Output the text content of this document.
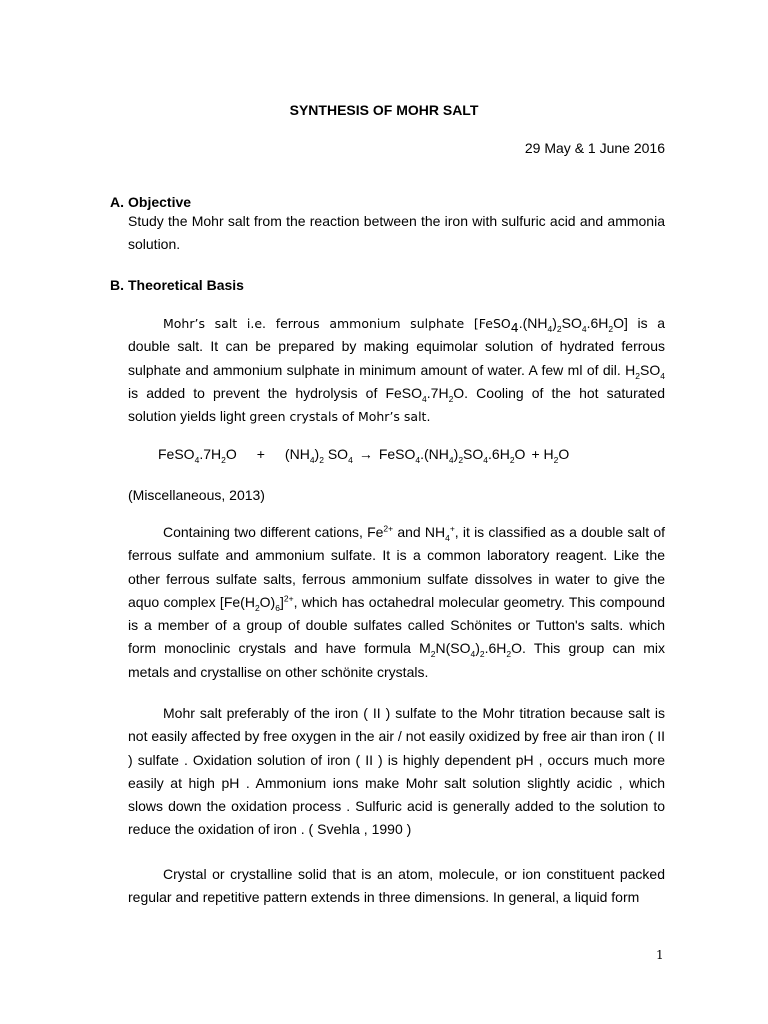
SYNTHESIS OF MOHR SALT
29 May & 1 June 2016
A. Objective
Study the Mohr salt from the reaction between the iron with sulfuric acid and ammonia solution.
B. Theoretical Basis
Mohr’s salt i.e. ferrous ammonium sulphate $[FeSO_4.(NH_4)_2SO_4.6H_2O]$ is a double salt. It can be prepared by making equimolar solution of hydrated ferrous sulphate and ammonium sulphate in minimum amount of water. A few ml of dil. $H_2SO_4$ is added to prevent the hydrolysis of $FeSO_4.7H_2O$. Cooling of the hot saturated solution yields light green crystals of Mohr’s salt.
$FeSO_4.7H_2O + (NH_4)_2$ $SO_4$ → $FeSO_4.(NH_4)_2SO_4.6H_2O + H_2O$
(Miscellaneous, 2013)
Containing two different cations, $Fe^{2+}$ and $NH_4^+$, it is classified as a double salt of ferrous sulfate and ammonium sulfate. It is a common laboratory reagent. Like the other ferrous sulfate salts, ferrous ammonium sulfate dissolves in water to give the aquo complex $[Fe(H_2O)_6]^{2+}$, which has octahedral molecular geometry. This compound is a member of a group of double sulfates called Schönites or Tutton's salts. which form monoclinic crystals and have formula $M_2N(SO_4)_2.6H_2O$. This group can mix metals and crystallise on other schönite crystals.
Mohr salt preferably of the iron ( II ) sulfate to the Mohr titration because salt is not easily affected by free oxygen in the air / not easily oxidized by free air than iron ( II ) sulfate . Oxidation solution of iron ( II ) is highly dependent pH , occurs much more easily at high pH . Ammonium ions make Mohr salt solution slightly acidic , which slows down the oxidation process . Sulfuric acid is generally added to the solution to reduce the oxidation of iron . ( Svehla , 1990 )
Crystal or crystalline solid that is an atom, molecule, or ion constituent packed regular and repetitive pattern extends in three dimensions. In general, a liquid form
1
